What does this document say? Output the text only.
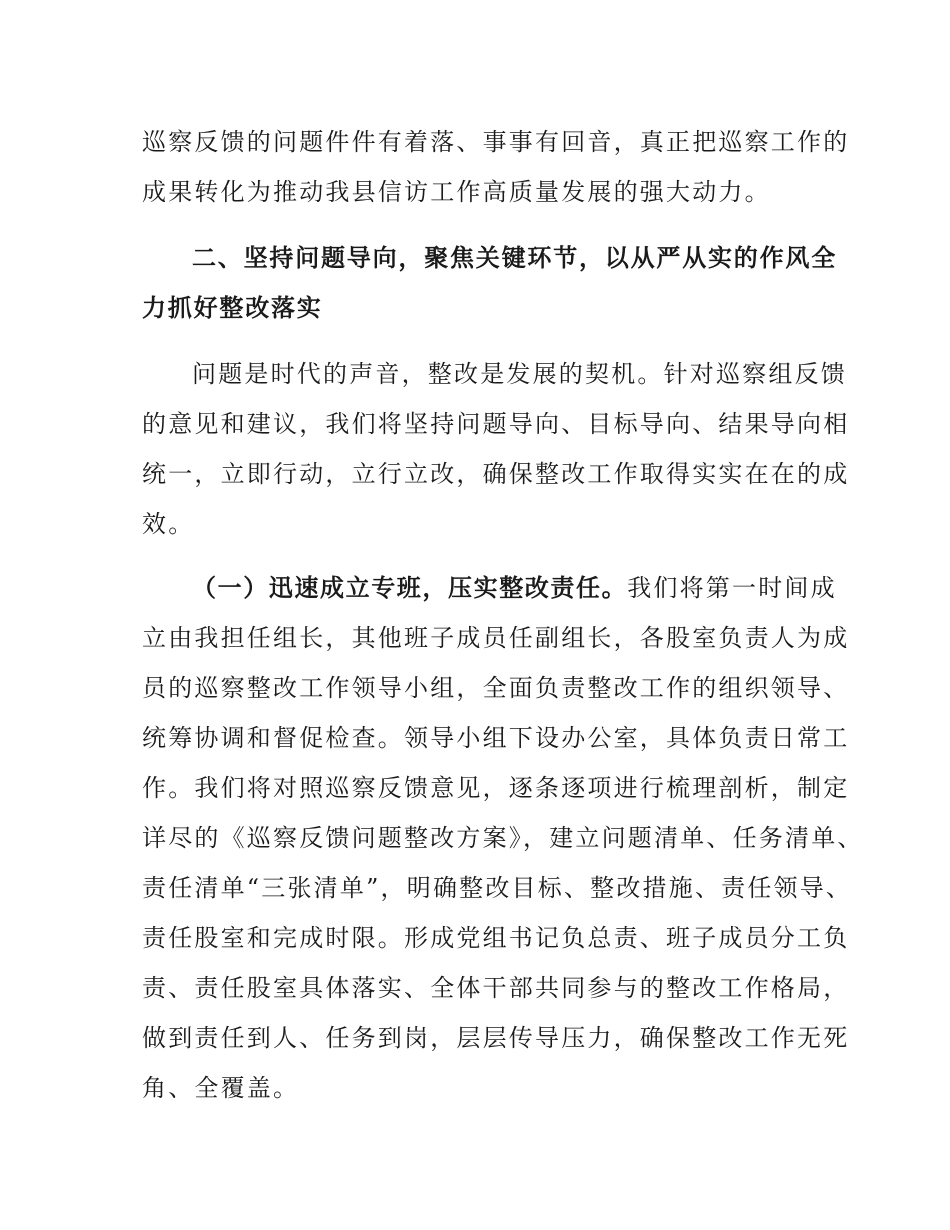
巡察反馈的问题件件有着落、事事有回音，真正把巡察工作的
成果转化为推动我县信访工作高质量发展的强大动力。
二、坚持问题导向，聚焦关键环节，以从严从实的作风全
力抓好整改落实
问题是时代的声音，整改是发展的契机。针对巡察组反馈
的意见和建议，我们将坚持问题导向、目标导向、结果导向相
统一，立即行动，立行立改，确保整改工作取得实实在在的成
效。
（一）迅速成立专班，压实整改责任。我们将第一时间成
立由我担任组长，其他班子成员任副组长，各股室负责人为成
员的巡察整改工作领导小组，全面负责整改工作的组织领导、
统筹协调和督促检查。领导小组下设办公室，具体负责日常工
作。我们将对照巡察反馈意见，逐条逐项进行梳理剖析，制定
详尽的《巡察反馈问题整改方案》，建立问题清单、任务清单、
责任清单“三张清单”，明确整改目标、整改措施、责任领导、
责任股室和完成时限。形成党组书记负总责、班子成员分工负
责、责任股室具体落实、全体干部共同参与的整改工作格局，
做到责任到人、任务到岗，层层传导压力，确保整改工作无死
角、全覆盖。
